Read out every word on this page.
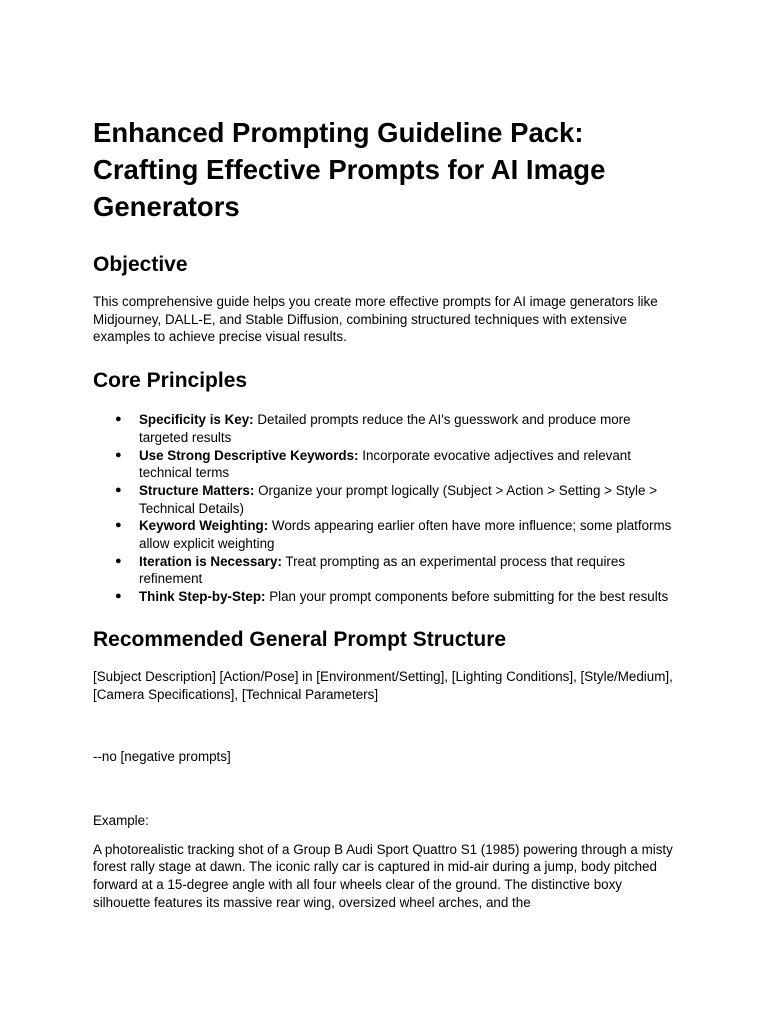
Enhanced Prompting Guideline Pack: Crafting Effective Prompts for AI Image Generators
Objective

This comprehensive guide helps you create more effective prompts for AI image generators like Midjourney, DALL-E, and Stable Diffusion, combining structured techniques with extensive examples to achieve precise visual results.

Core Principles
● Specificity is Key: Detailed prompts reduce the AI's guesswork and produce more targeted results
● Use Strong Descriptive Keywords: Incorporate evocative adjectives and relevant technical terms
● Structure Matters: Organize your prompt logically (Subject > Action > Setting > Style > Technical Details)
● Keyword Weighting: Words appearing earlier often have more influence; some platforms allow explicit weighting
● Iteration is Necessary: Treat prompting as an experimental process that requires refinement
● Think Step-by-Step: Plan your prompt components before submitting for the best results
Recommended General Prompt Structure

[Subject Description] [Action/Pose] in [Environment/Setting], [Lighting Conditions], [Style/Medium], [Camera Specifications], [Technical Parameters]

--no [negative prompts]

Example:

A photorealistic tracking shot of a Group B Audi Sport Quattro S1 (1985) powering through a misty forest rally stage at dawn. The iconic rally car is captured in mid-air during a jump, body pitched forward at a 15-degree angle with all four wheels clear of the ground. The distinctive boxy silhouette features its massive rear wing, oversized wheel arches, and the
